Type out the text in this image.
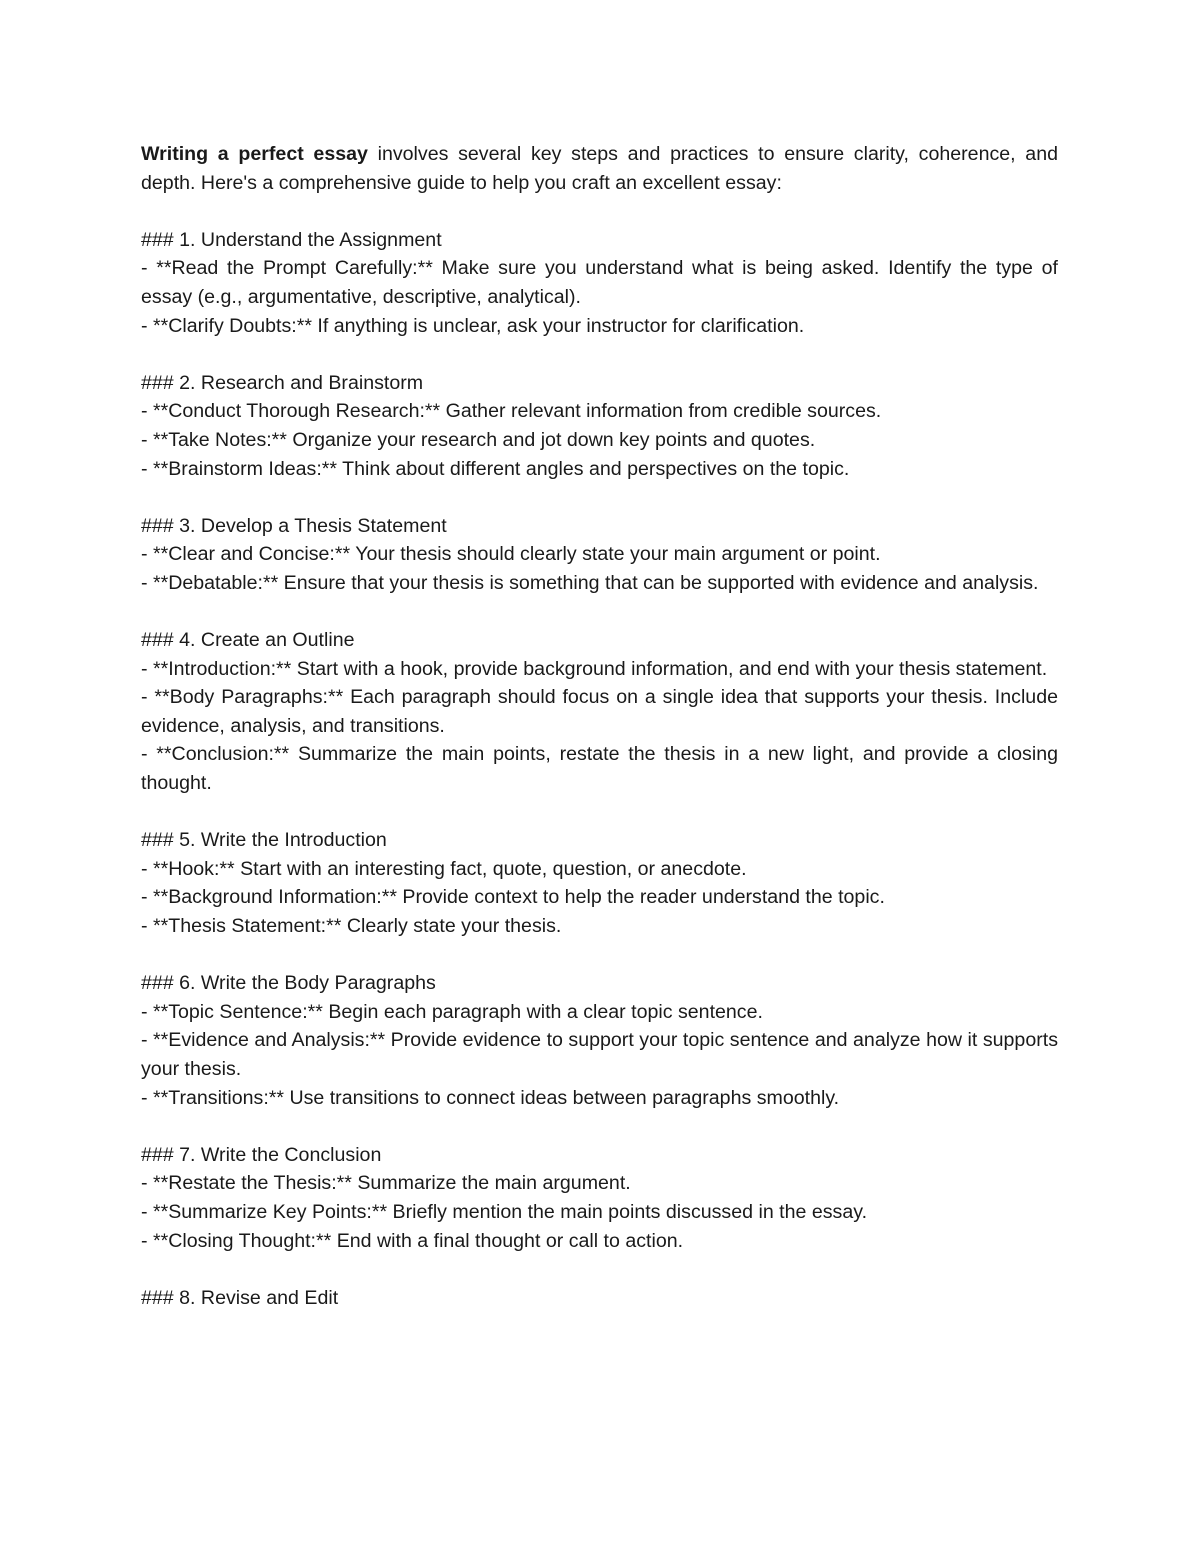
Writing a perfect essay involves several key steps and practices to ensure clarity, coherence, and depth. Here's a comprehensive guide to help you craft an excellent essay:

### 1. Understand the Assignment

- **Read the Prompt Carefully:** Make sure you understand what is being asked. Identify the type of essay (e.g., argumentative, descriptive, analytical).

- **Clarify Doubts:** If anything is unclear, ask your instructor for clarification.

### 2. Research and Brainstorm

- **Conduct Thorough Research:** Gather relevant information from credible sources.

- **Take Notes:** Organize your research and jot down key points and quotes.

- **Brainstorm Ideas:** Think about different angles and perspectives on the topic.

### 3. Develop a Thesis Statement

- **Clear and Concise:** Your thesis should clearly state your main argument or point.

- **Debatable:** Ensure that your thesis is something that can be supported with evidence and analysis.

### 4. Create an Outline

- **Introduction:** Start with a hook, provide background information, and end with your thesis statement.

- **Body Paragraphs:** Each paragraph should focus on a single idea that supports your thesis. Include evidence, analysis, and transitions.

- **Conclusion:** Summarize the main points, restate the thesis in a new light, and provide a closing thought.

### 5. Write the Introduction

- **Hook:** Start with an interesting fact, quote, question, or anecdote.

- **Background Information:** Provide context to help the reader understand the topic.

- **Thesis Statement:** Clearly state your thesis.

### 6. Write the Body Paragraphs

- **Topic Sentence:** Begin each paragraph with a clear topic sentence.

- **Evidence and Analysis:** Provide evidence to support your topic sentence and analyze how it supports your thesis.

- **Transitions:** Use transitions to connect ideas between paragraphs smoothly.

### 7. Write the Conclusion

- **Restate the Thesis:** Summarize the main argument.

- **Summarize Key Points:** Briefly mention the main points discussed in the essay.

- **Closing Thought:** End with a final thought or call to action.

### 8. Revise and Edit
